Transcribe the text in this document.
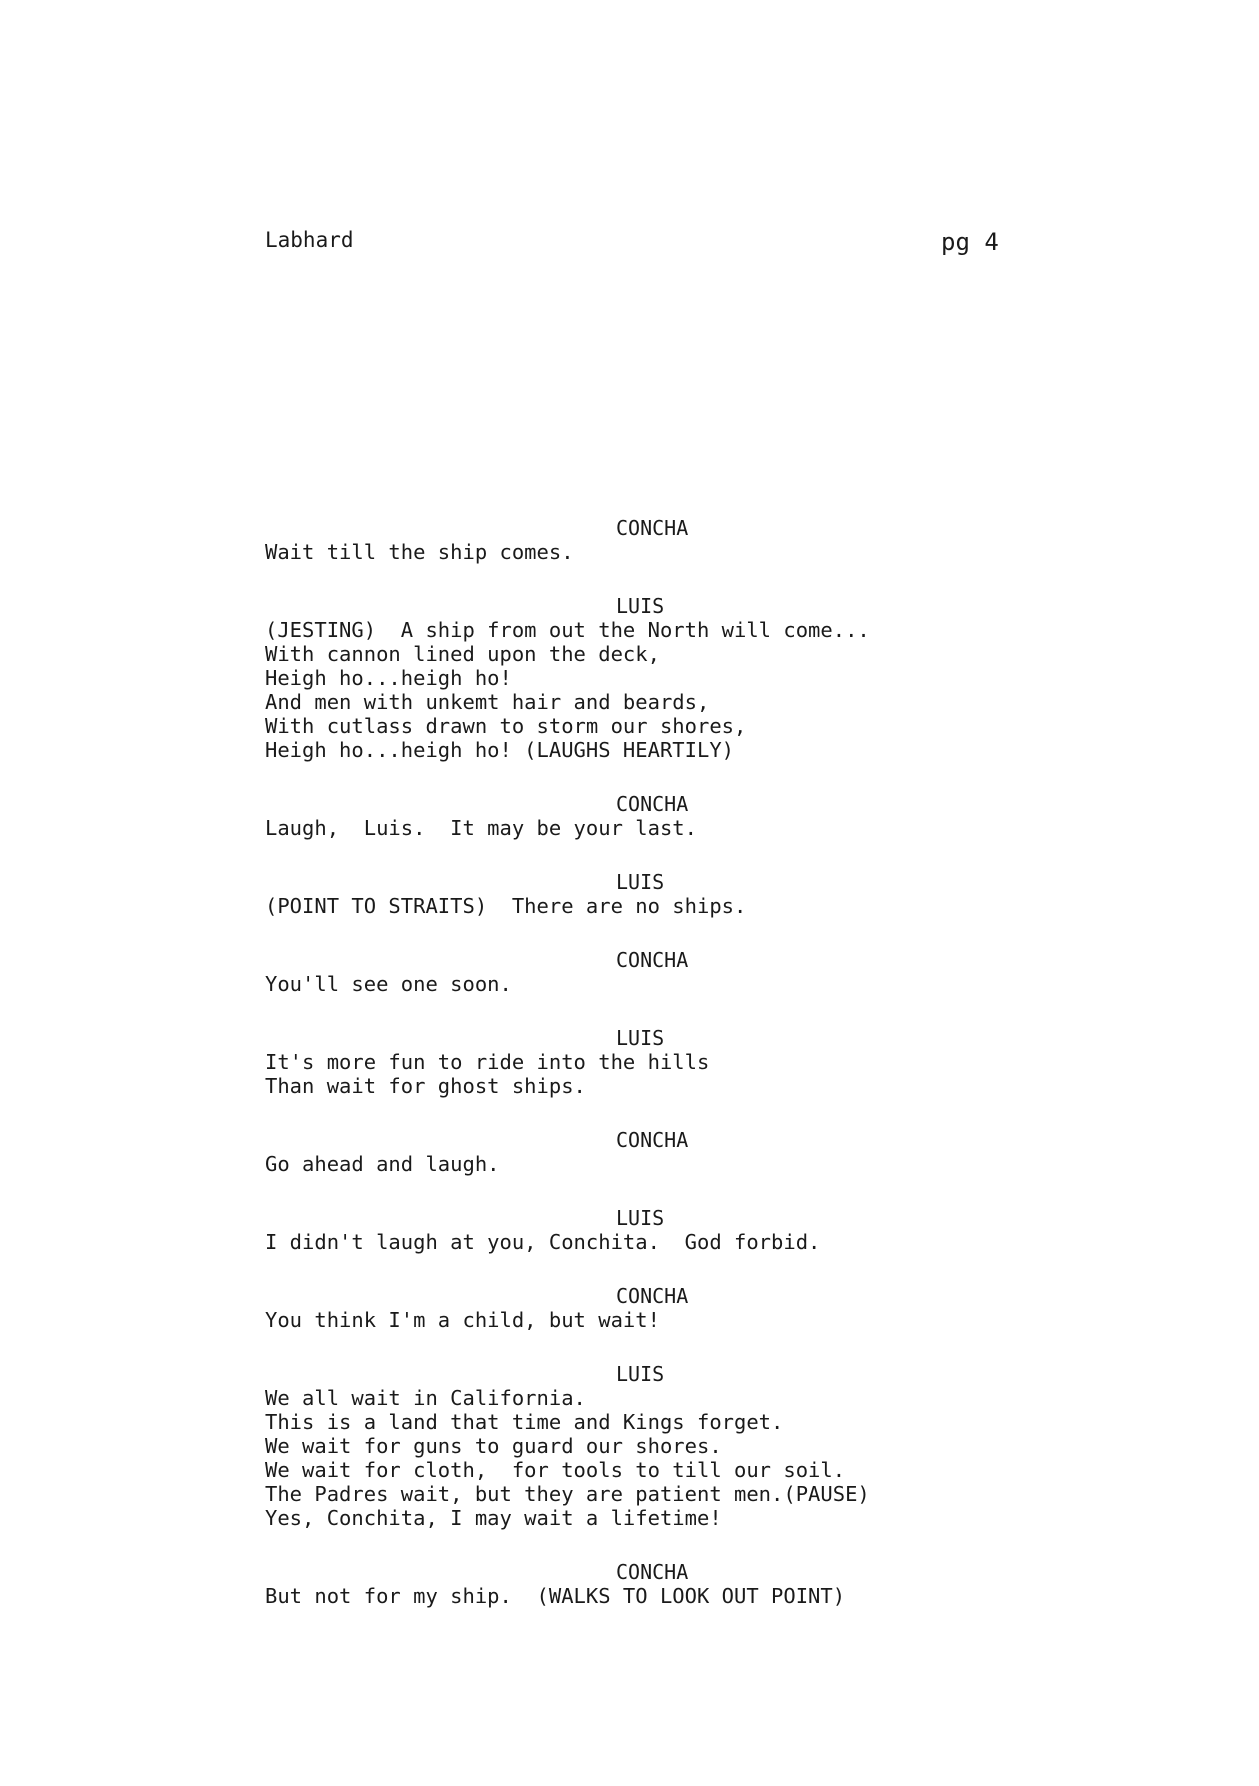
Labhard	pg 4
CONCHA
Wait till the ship comes.
LUIS
(JESTING)  A ship from out the North will come...
With cannon lined upon the deck,
Heigh ho...heigh ho!
And men with unkemt hair and beards,
With cutlass drawn to storm our shores,
Heigh ho...heigh ho! (LAUGHS HEARTILY)
CONCHA
Laugh,  Luis.  It may be your last.
LUIS
(POINT TO STRAITS)  There are no ships.
CONCHA
You'll see one soon.
LUIS
It's more fun to ride into the hills
Than wait for ghost ships.
CONCHA
Go ahead and laugh.
LUIS
I didn't laugh at you, Conchita.  God forbid.
CONCHA
You think I'm a child, but wait!
LUIS
We all wait in California.
This is a land that time and Kings forget.
We wait for guns to guard our shores.
We wait for cloth,  for tools to till our soil.
The Padres wait, but they are patient men.(PAUSE)
Yes, Conchita, I may wait a lifetime!
CONCHA
But not for my ship.  (WALKS TO LOOK OUT POINT)
